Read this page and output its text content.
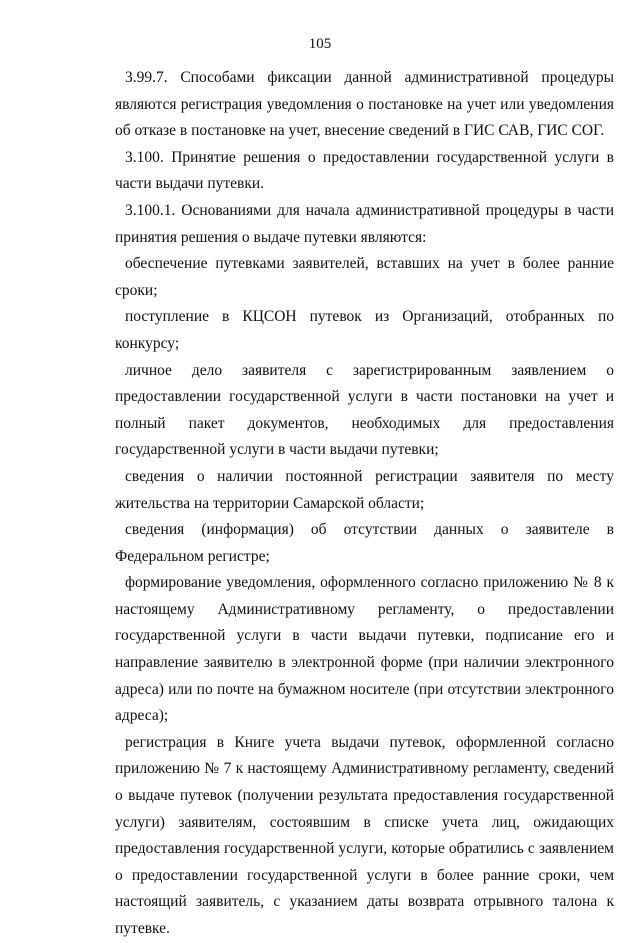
105

3.99.7. Способами фиксации данной административной процедуры являются регистрация уведомления о постановке на учет или уведомления об отказе в постановке на учет, внесение сведений в ГИС САВ, ГИС СОГ.

3.100. Принятие решения о предоставлении государственной услуги в части выдачи путевки.

3.100.1. Основаниями для начала административной процедуры в части принятия решения о выдаче путевки являются:

обеспечение путевками заявителей, вставших на учет в более ранние сроки;

поступление в КЦСОН путевок из Организаций, отобранных по конкурсу;

личное дело заявителя с зарегистрированным заявлением о предоставлении государственной услуги в части постановки на учет и полный пакет документов, необходимых для предоставления государственной услуги в части выдачи путевки;

сведения о наличии постоянной регистрации заявителя по месту жительства на территории Самарской области;

сведения (информация) об отсутствии данных о заявителе в Федеральном регистре;

формирование уведомления, оформленного согласно приложению № 8 к настоящему Административному регламенту, о предоставлении государственной услуги в части выдачи путевки, подписание его и направление заявителю в электронной форме (при наличии электронного адреса) или по почте на бумажном носителе (при отсутствии электронного адреса);

регистрация в Книге учета выдачи путевок, оформленной согласно приложению № 7 к настоящему Административному регламенту, сведений о выдаче путевок (получении результата предоставления государственной услуги) заявителям, состоявшим в списке учета лиц, ожидающих предоставления государственной услуги, которые обратились с заявлением о предоставлении государственной услуги в более ранние сроки, чем настоящий заявитель, с указанием даты возврата отрывного талона к путевке.
